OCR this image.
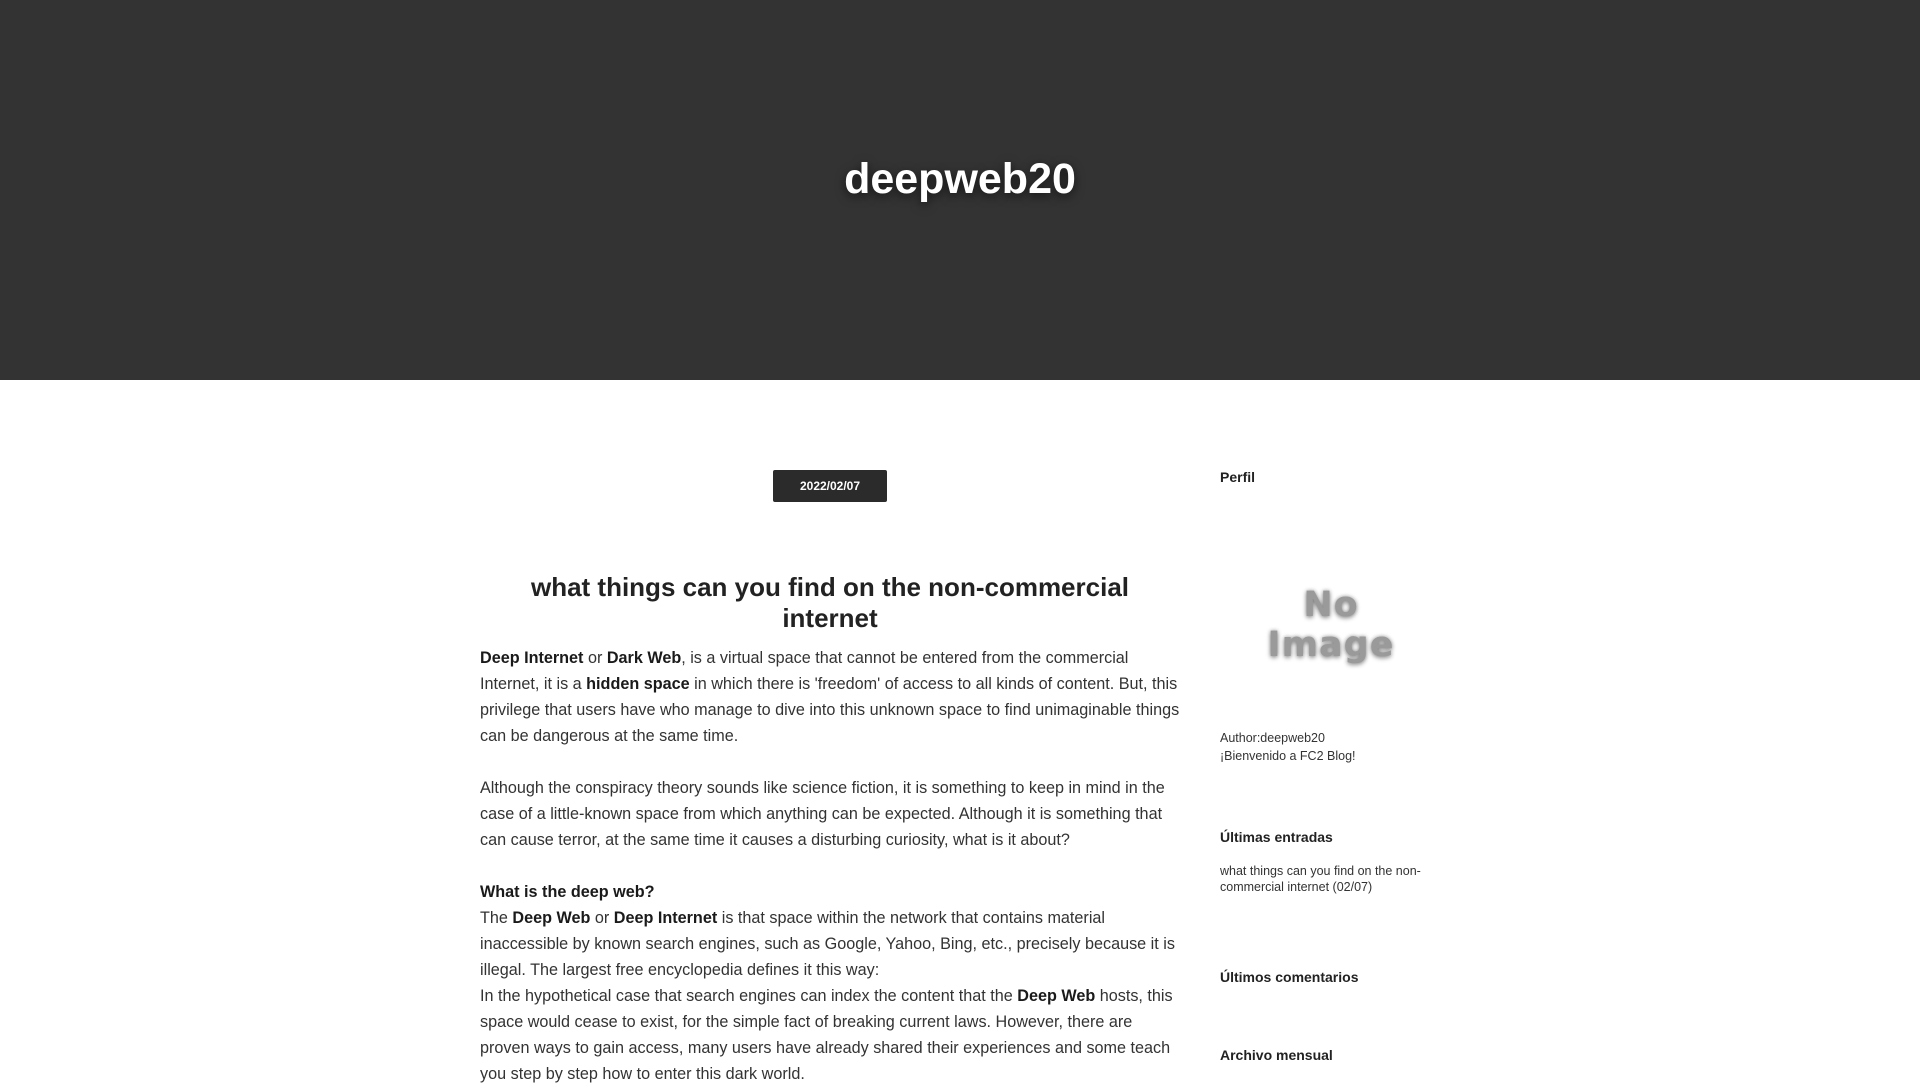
deepweb20
2022/02/07
what things can you find on the non-commercial internet

Deep Internet or Dark Web, is a virtual space that cannot be entered from the commercial Internet, it is a hidden space in which there is 'freedom' of access to all kinds of content. But, this privilege that users have who manage to dive into this unknown space to find unimaginable things can be dangerous at the same time.

Although the conspiracy theory sounds like science fiction, it is something to keep in mind in the case of a little-known space from which anything can be expected. Although it is something that can cause terror, at the same time it causes a disturbing curiosity, what is it about?

What is the deep web?

The Deep Web or Deep Internet is that space within the network that contains material inaccessible by known search engines, such as Google, Yahoo, Bing, etc., precisely because it is illegal. The largest free encyclopedia defines it this way:

In the hypothetical case that search engines can index the content that the Deep Web hosts, this space would cease to exist, for the simple fact of breaking current laws. However, there are proven ways to gain access, many users have already shared their experiences and some teach you step by step how to enter this dark world.

Perfil
No Image
Author:deepweb20
¡Bienvenido a FC2 Blog!
Últimas entradas
what things can you find on the non-commercial internet (02/07)
Últimos comentarios
Archivo mensual
